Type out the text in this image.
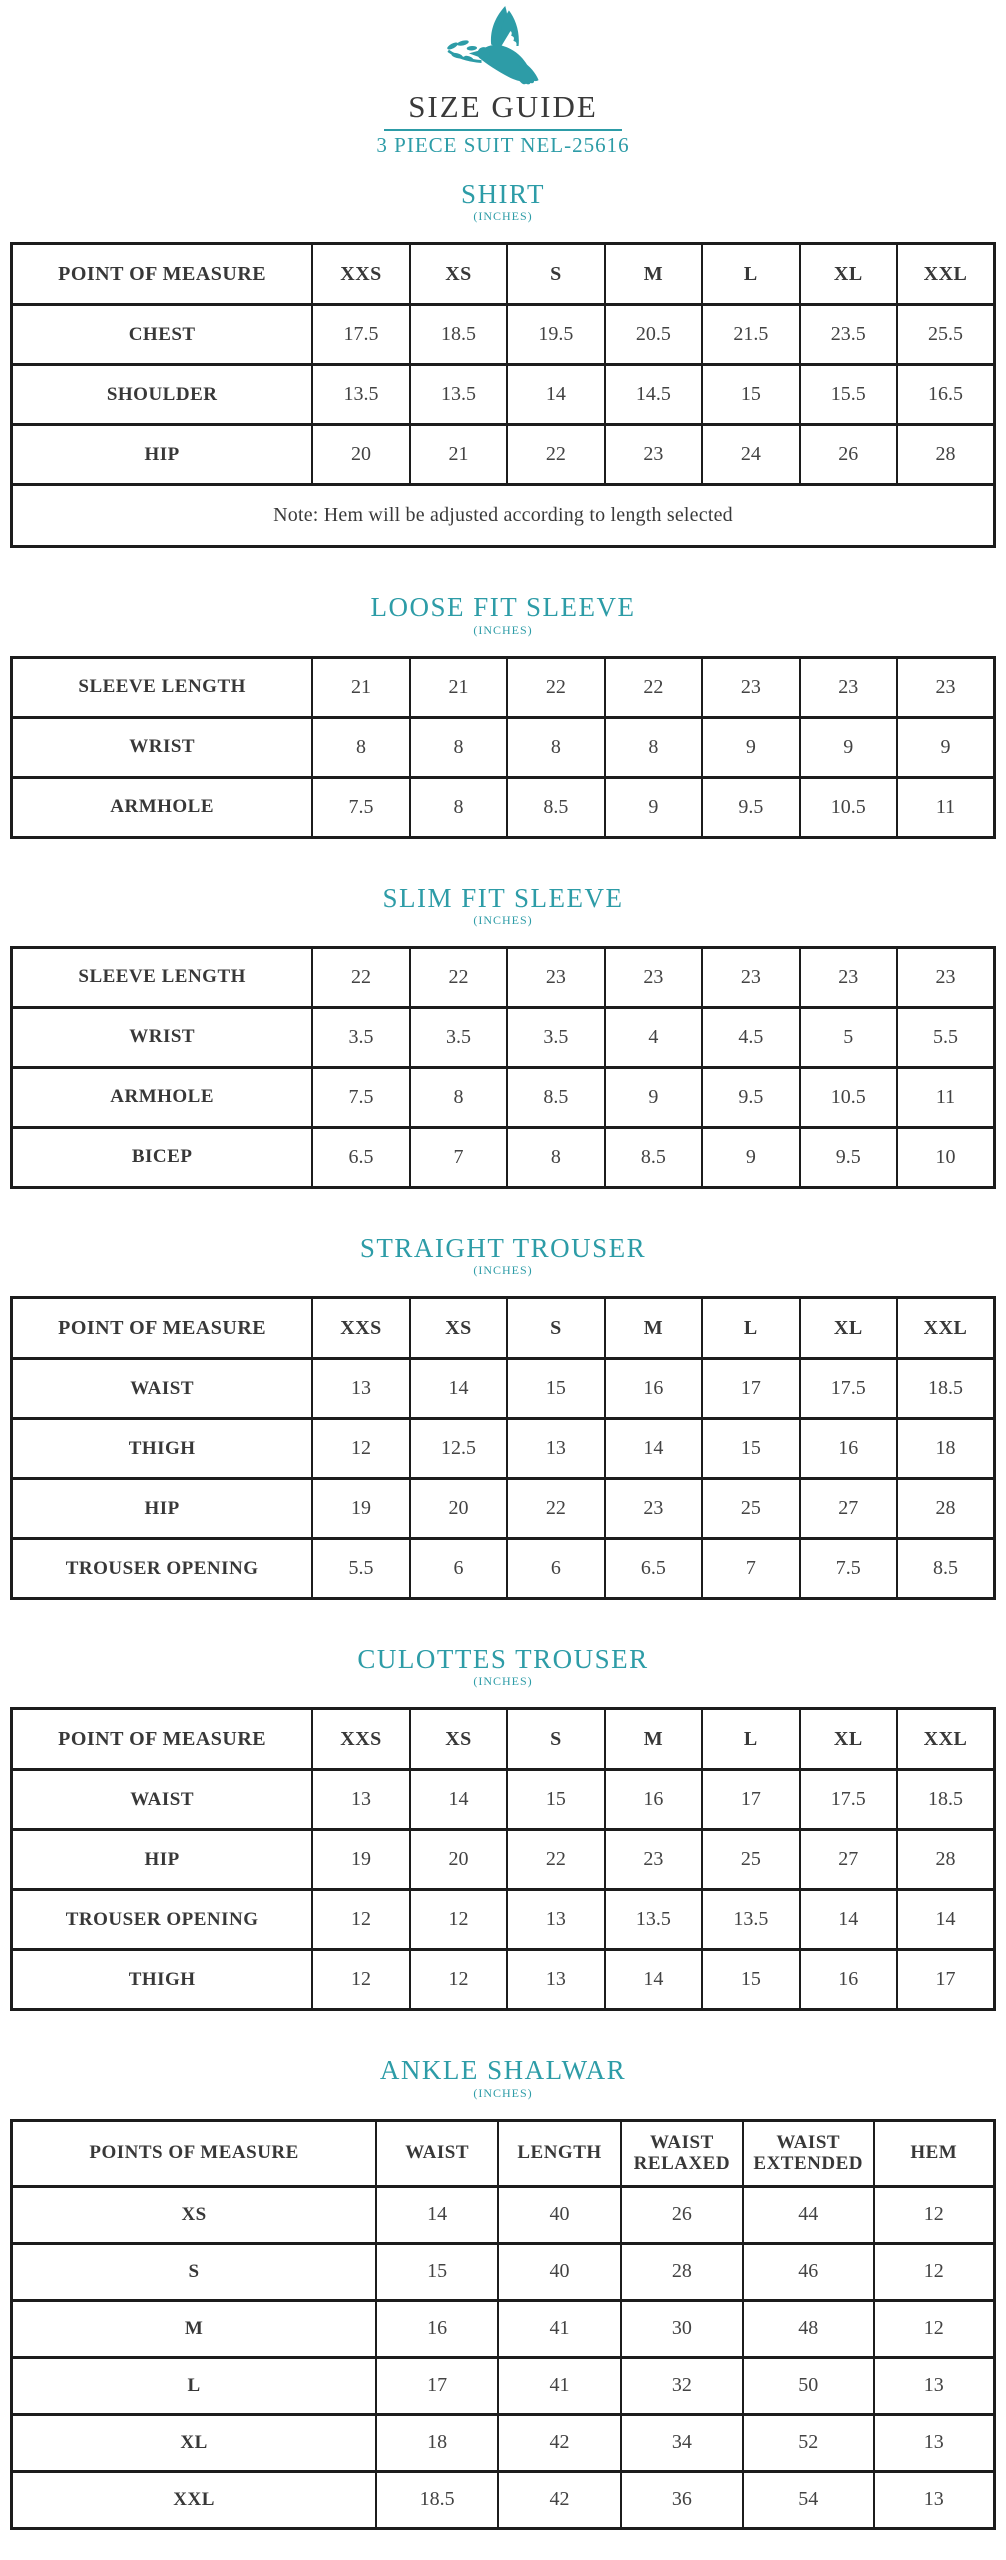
SIZE GUIDE
3 PIECE SUIT NEL-25616
SHIRT
(INCHES)
POINT OF MEASURE	XXS	XS	S	M	L	XL	XXL
CHEST	17.5	18.5	19.5	20.5	21.5	23.5	25.5
SHOULDER	13.5	13.5	14	14.5	15	15.5	16.5
HIP	20	21	22	23	24	26	28
Note: Hem will be adjusted according to length selected							
LOOSE FIT SLEEVE
(INCHES)
SLEEVE LENGTH	21	21	22	22	23	23	23
WRIST	8	8	8	8	9	9	9
ARMHOLE	7.5	8	8.5	9	9.5	10.5	11
SLIM FIT SLEEVE
(INCHES)
SLEEVE LENGTH	22	22	23	23	23	23	23
WRIST	3.5	3.5	3.5	4	4.5	5	5.5
ARMHOLE	7.5	8	8.5	9	9.5	10.5	11
BICEP	6.5	7	8	8.5	9	9.5	10
STRAIGHT TROUSER
(INCHES)
POINT OF MEASURE	XXS	XS	S	M	L	XL	XXL
WAIST	13	14	15	16	17	17.5	18.5
THIGH	12	12.5	13	14	15	16	18
HIP	19	20	22	23	25	27	28
TROUSER OPENING	5.5	6	6	6.5	7	7.5	8.5
CULOTTES TROUSER
(INCHES)
POINT OF MEASURE	XXS	XS	S	M	L	XL	XXL
WAIST	13	14	15	16	17	17.5	18.5
HIP	19	20	22	23	25	27	28
TROUSER OPENING	12	12	13	13.5	13.5	14	14
THIGH	12	12	13	14	15	16	17
ANKLE SHALWAR
(INCHES)
POINTS OF MEASURE	WAIST	LENGTH	WAIST RELAXED	WAIST EXTENDED	HEM
XS	14	40	26	44	12
S	15	40	28	46	12
M	16	41	30	48	12
L	17	41	32	50	13
XL	18	42	34	52	13
XXL	18.5	42	36	54	13
